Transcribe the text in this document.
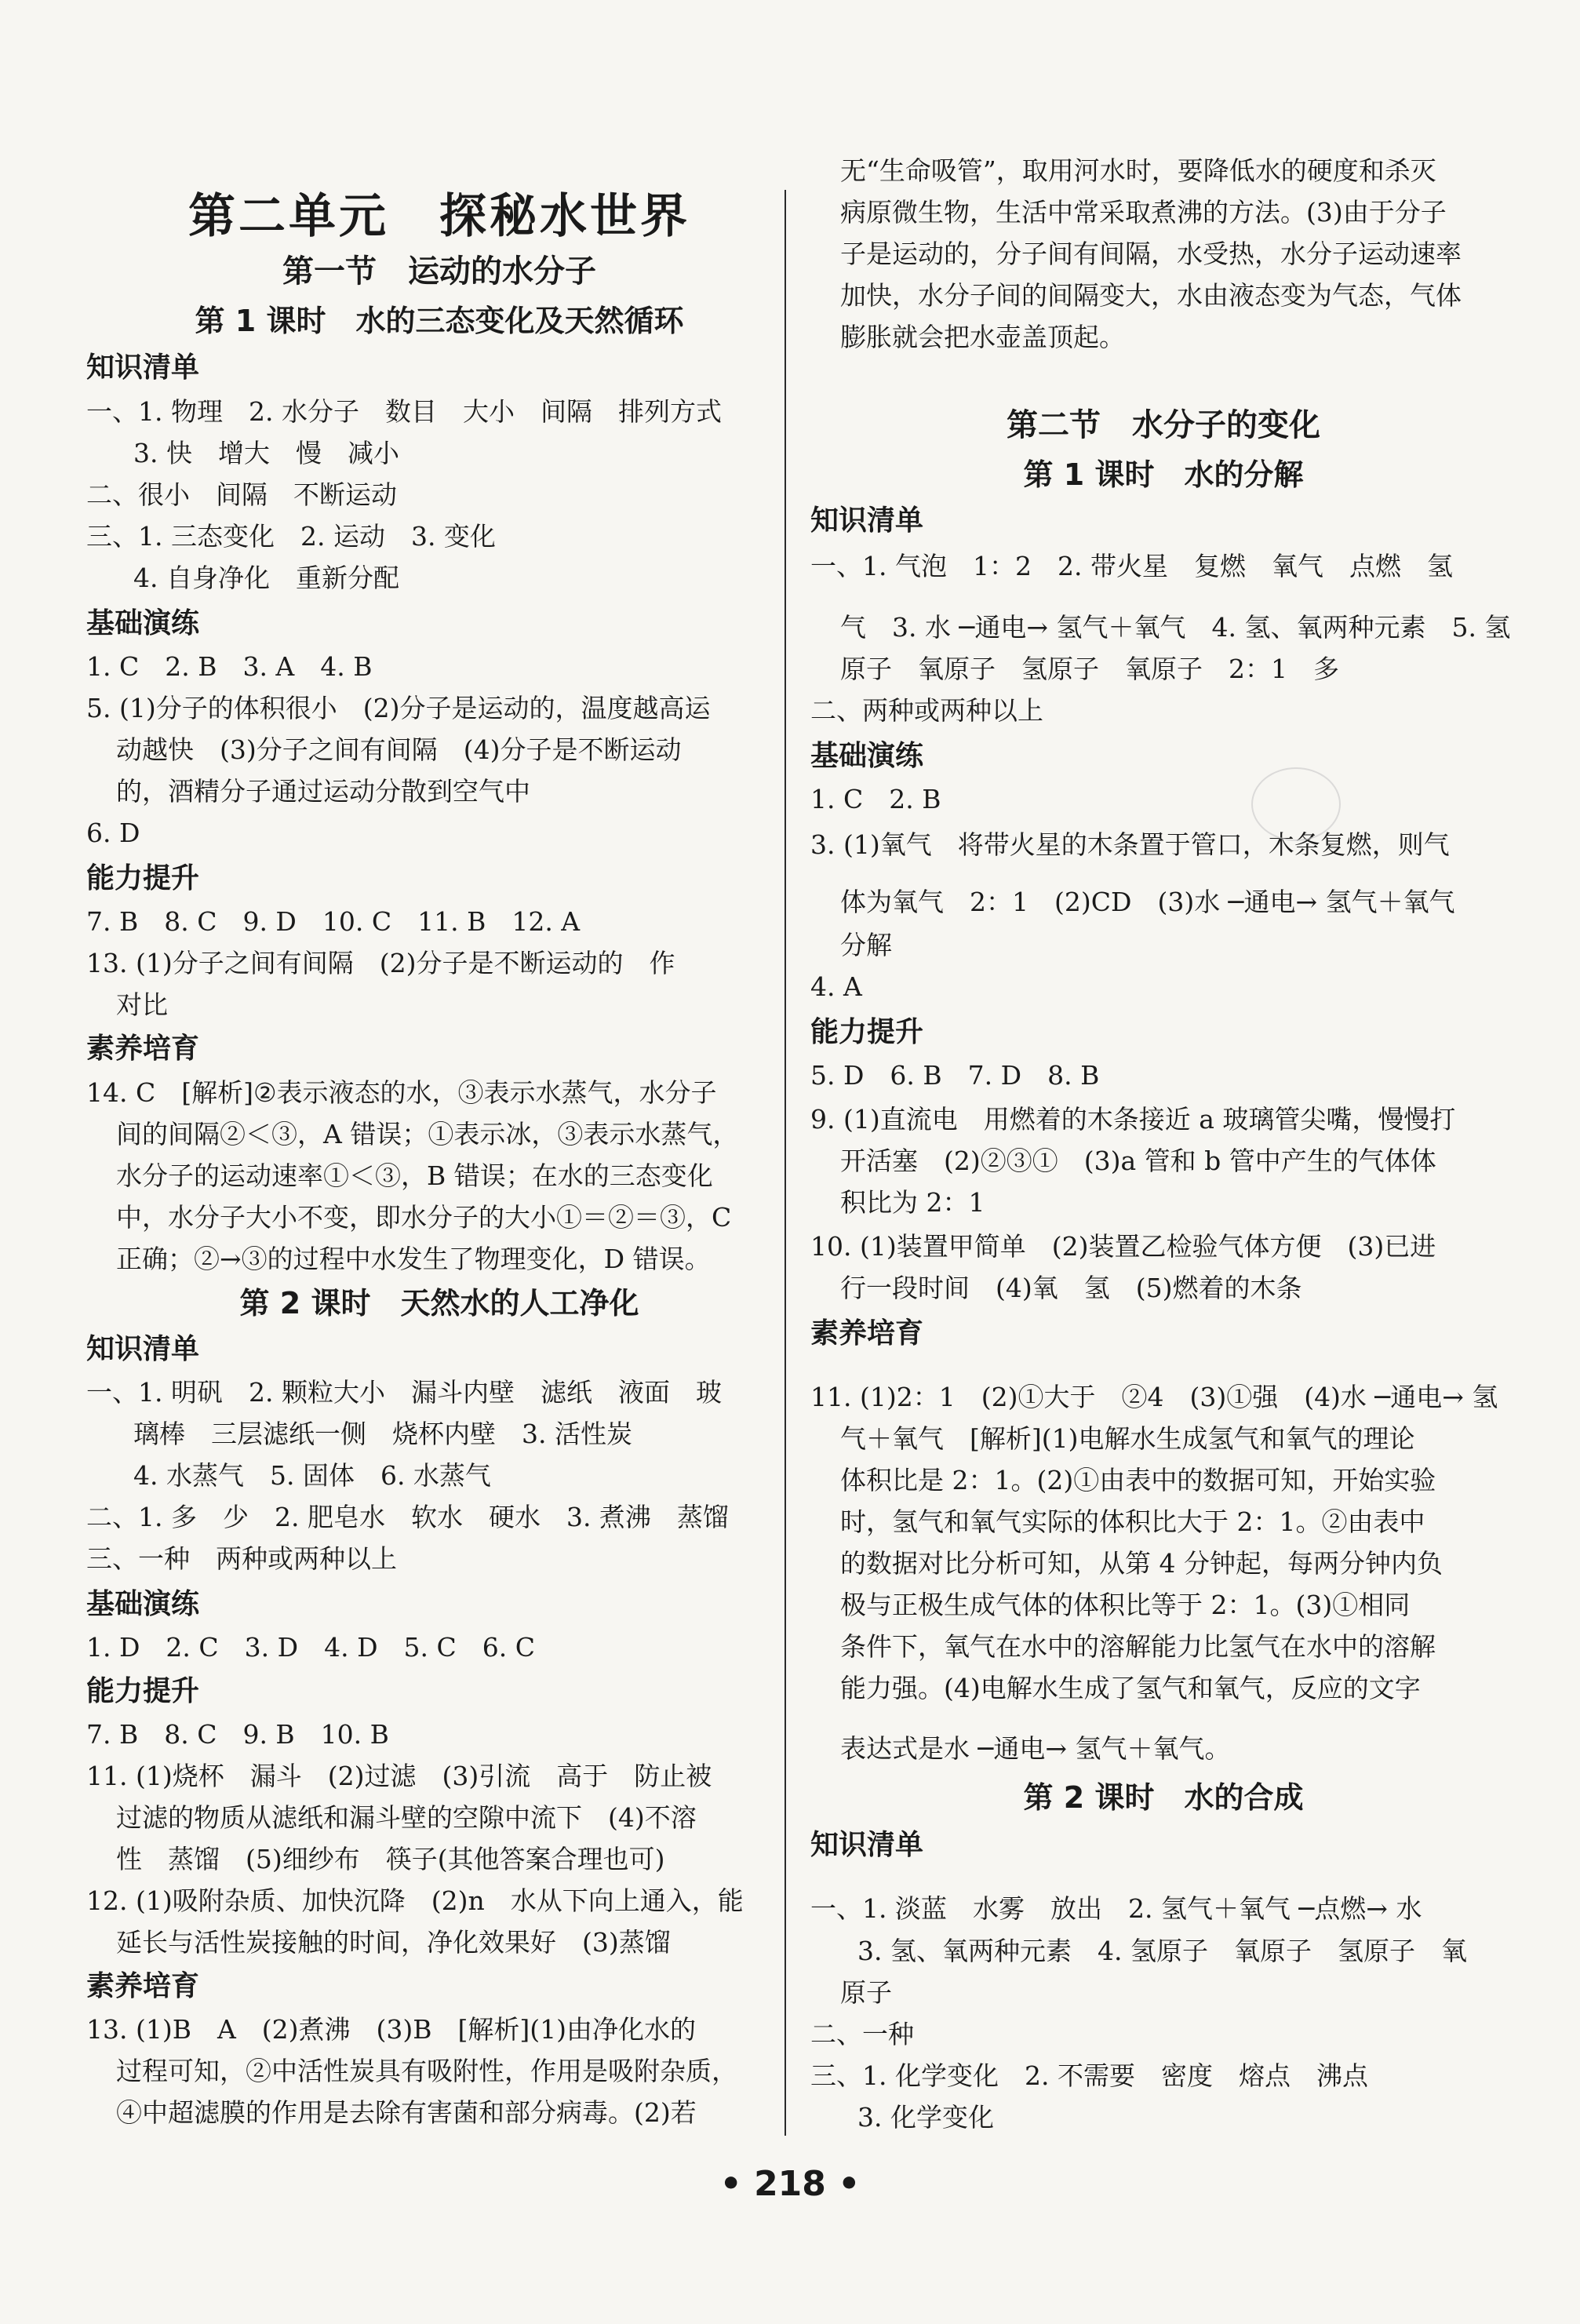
第二单元　探秘水世界
第一节　运动的水分子
第 1 课时　水的三态变化及天然循环
知识清单
一、1. 物理　2. 水分子　数目　大小　间隔　排列方式
3. 快　增大　慢　减小
二、很小　间隔　不断运动
三、1. 三态变化　2. 运动　3. 变化
4. 自身净化　重新分配
基础演练
1. C　2. B　3. A　4. B
5. (1)分子的体积很小　(2)分子是运动的，温度越高运
动越快　(3)分子之间有间隔　(4)分子是不断运动
的，酒精分子通过运动分散到空气中
6. D
能力提升
7. B　8. C　9. D　10. C　11. B　12. A
13. (1)分子之间有间隔　(2)分子是不断运动的　作
对比
素养培育
14. C　[解析]②表示液态的水，③表示水蒸气，水分子
间的间隔②＜③，A 错误；①表示冰，③表示水蒸气，
水分子的运动速率①＜③，B 错误；在水的三态变化
中，水分子大小不变，即水分子的大小①＝②＝③，C
正确；②→③的过程中水发生了物理变化，D 错误。
第 2 课时　天然水的人工净化
知识清单
一、1. 明矾　2. 颗粒大小　漏斗内壁　滤纸　液面　玻
璃棒　三层滤纸一侧　烧杯内壁　3. 活性炭
4. 水蒸气　5. 固体　6. 水蒸气
二、1. 多　少　2. 肥皂水　软水　硬水　3. 煮沸　蒸馏
三、一种　两种或两种以上
基础演练
1. D　2. C　3. D　4. D　5. C　6. C
能力提升
7. B　8. C　9. B　10. B
11. (1)烧杯　漏斗　(2)过滤　(3)引流　高于　防止被
过滤的物质从滤纸和漏斗壁的空隙中流下　(4)不溶
性　蒸馏　(5)细纱布　筷子(其他答案合理也可)
12. (1)吸附杂质、加快沉降　(2)n　水从下向上通入，能
延长与活性炭接触的时间，净化效果好　(3)蒸馏
素养培育
13. (1)B　A　(2)煮沸　(3)B　[解析](1)由净化水的
过程可知，②中活性炭具有吸附性，作用是吸附杂质，
④中超滤膜的作用是去除有害菌和部分病毒。(2)若
无“生命吸管”，取用河水时，要降低水的硬度和杀灭
病原微生物，生活中常采取煮沸的方法。(3)由于分子
子是运动的，分子间有间隔，水受热，水分子运动速率
加快，水分子间的间隔变大，水由液态变为气态，气体
膨胀就会把水壶盖顶起。
第二节　水分子的变化
第 1 课时　水的分解
知识清单
一、1. 气泡　1：2　2. 带火星　复燃　氧气　点燃　氢
气　3. 水 ─通电→ 氢气＋氧气　4. 氢、氧两种元素　5. 氢
原子　氧原子　氢原子　氧原子　2：1　多
二、两种或两种以上
基础演练
1. C　2. B
3. (1)氧气　将带火星的木条置于管口，木条复燃，则气
体为氧气　2：1　(2)CD　(3)水 ─通电→ 氢气＋氧气
分解
4. A
能力提升
5. D　6. B　7. D　8. B
9. (1)直流电　用燃着的木条接近 a 玻璃管尖嘴，慢慢打
开活塞　(2)②③①　(3)a 管和 b 管中产生的气体体
积比为 2：1
10. (1)装置甲简单　(2)装置乙检验气体方便　(3)已进
行一段时间　(4)氧　氢　(5)燃着的木条
素养培育
11. (1)2：1　(2)①大于　②4　(3)①强　(4)水 ─通电→ 氢
气＋氧气　[解析](1)电解水生成氢气和氧气的理论
体积比是 2：1。(2)①由表中的数据可知，开始实验
时，氢气和氧气实际的体积比大于 2：1。②由表中
的数据对比分析可知，从第 4 分钟起，每两分钟内负
极与正极生成气体的体积比等于 2：1。(3)①相同
条件下，氧气在水中的溶解能力比氢气在水中的溶解
能力强。(4)电解水生成了氢气和氧气，反应的文字
表达式是水 ─通电→ 氢气＋氧气。
第 2 课时　水的合成
知识清单
一、1. 淡蓝　水雾　放出　2. 氢气＋氧气 ─点燃→ 水
3. 氢、氧两种元素　4. 氢原子　氧原子　氢原子　氧
原子
二、一种
三、1. 化学变化　2. 不需要　密度　熔点　沸点
3. 化学变化
• 218 •
